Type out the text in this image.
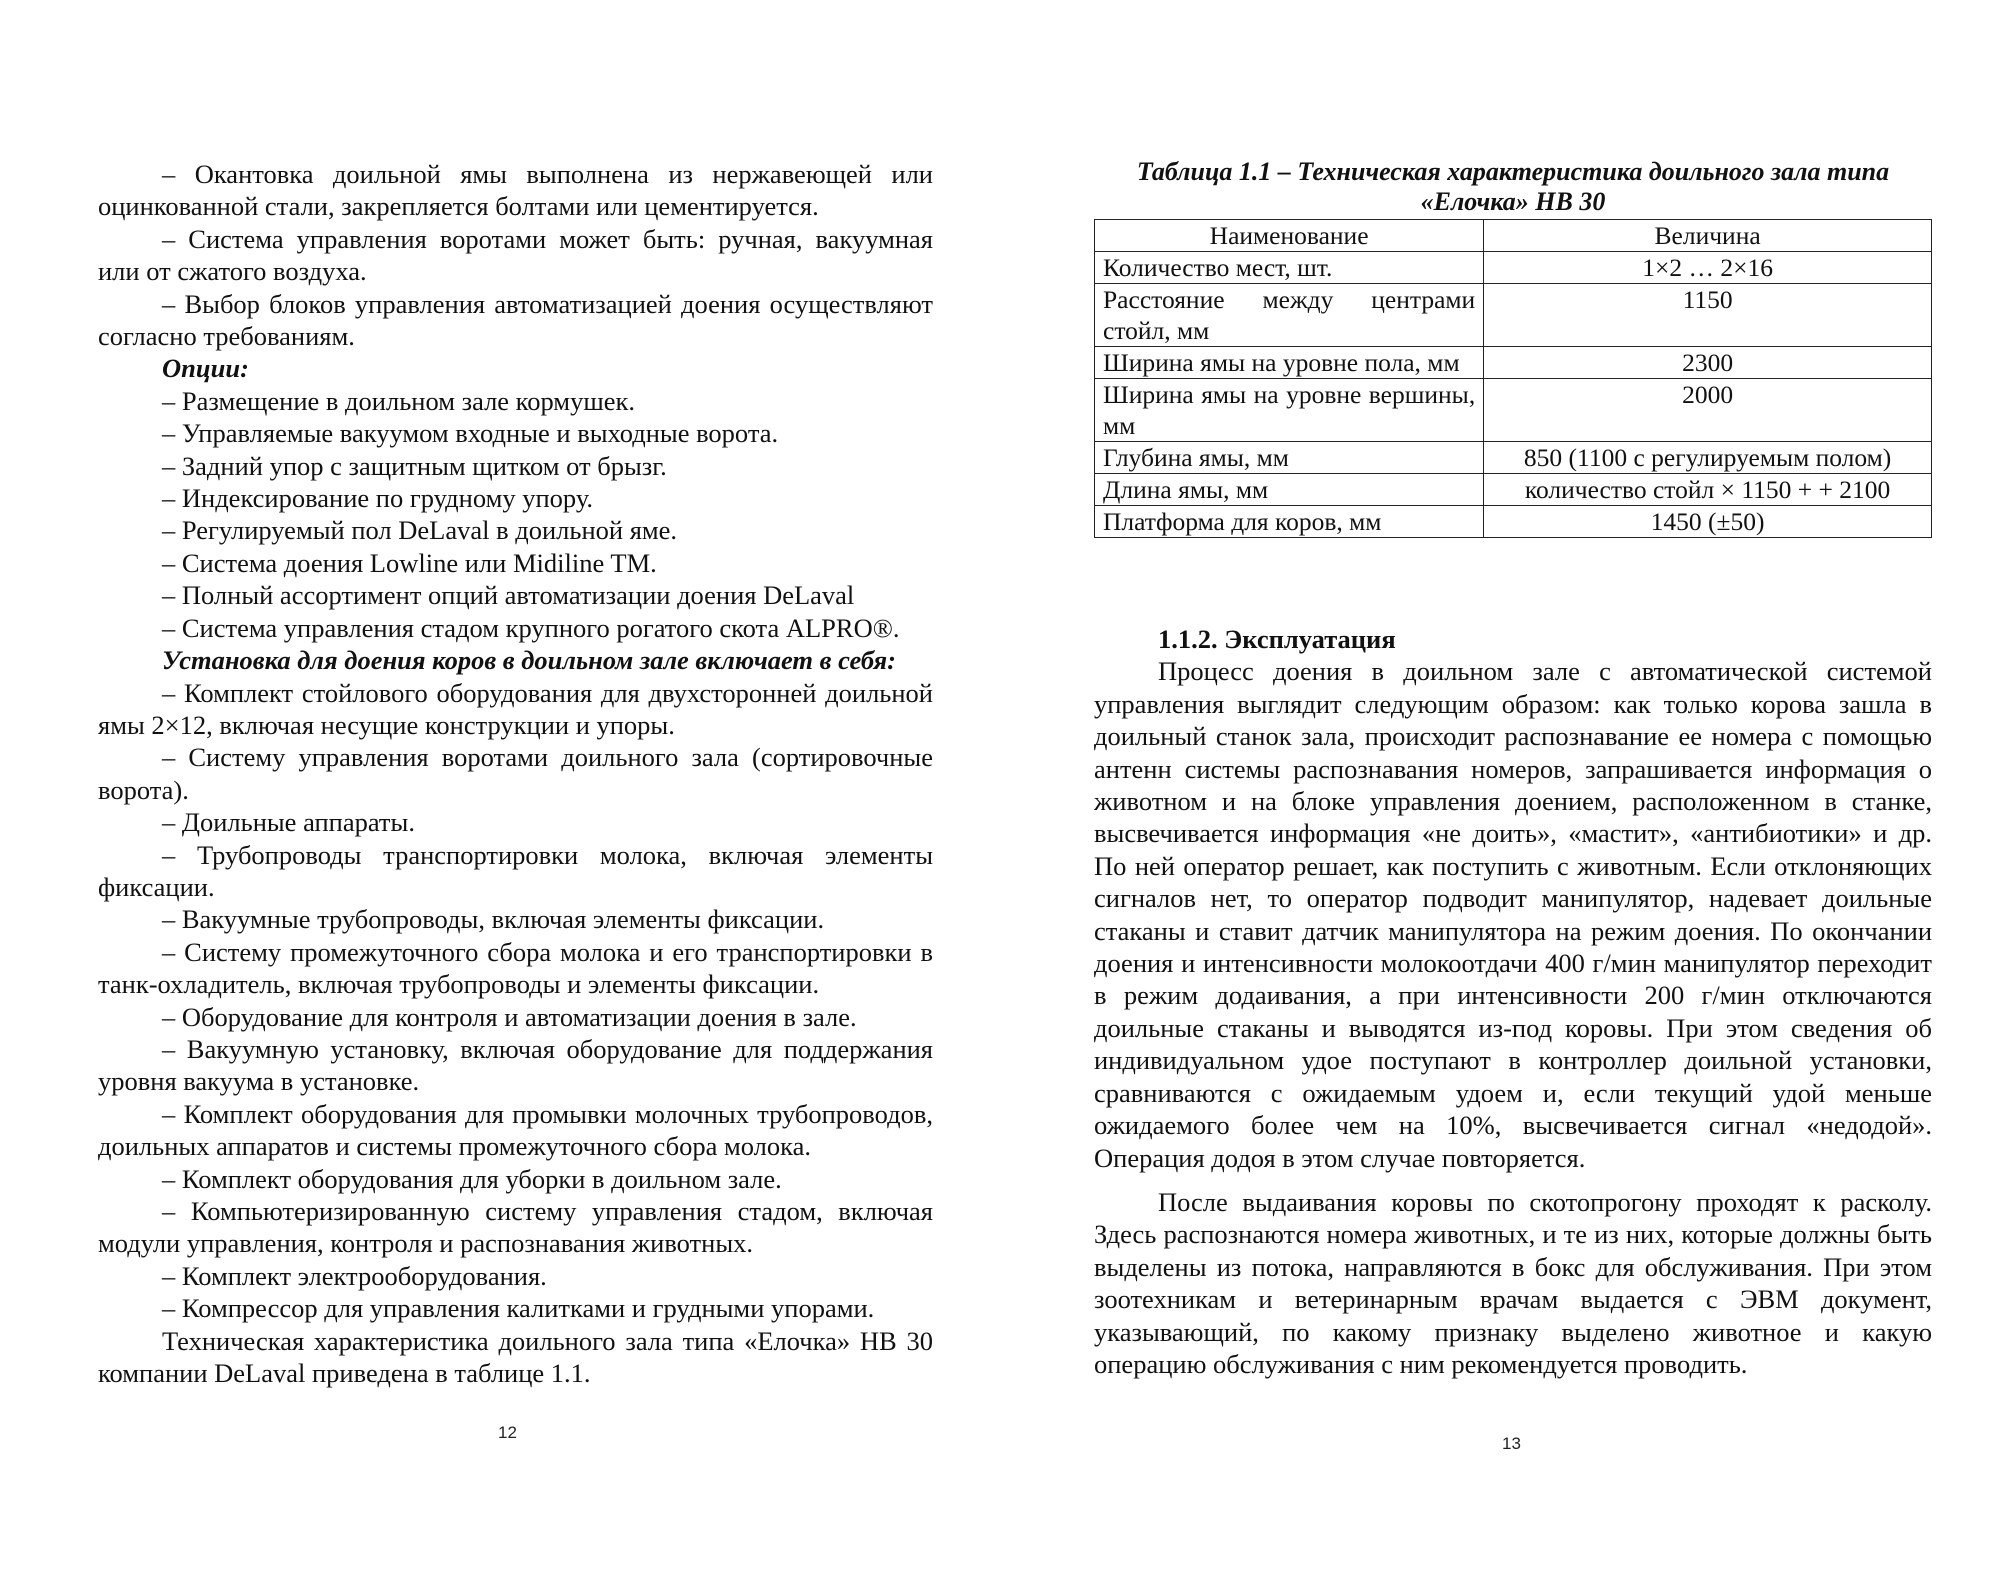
– Окантовка доильной ямы выполнена из нержавеющей или оцинкованной стали, закрепляется болтами или цементируется.

– Система управления воротами может быть: ручная, вакуумная или от сжатого воздуха.

– Выбор блоков управления автоматизацией доения осуществляют согласно требованиям.

Опции:

– Размещение в доильном зале кормушек.

– Управляемые вакуумом входные и выходные ворота.

– Задний упор с защитным щитком от брызг.

– Индексирование по грудному упору.

– Регулируемый пол DeLaval в доильной яме.

– Система доения Lowline или Midiline TM.

– Полный ассортимент опций автоматизации доения DeLaval

– Система управления стадом крупного рогатого скота ALPRO®.

Установка для доения коров в доильном зале включает в себя:

– Комплект стойлового оборудования для двухсторонней доильной ямы 2×12, включая несущие конструкции и упоры.

– Систему управления воротами доильного зала (сортировочные ворота).

– Доильные аппараты.

– Трубопроводы транспортировки молока, включая элементы фиксации.

– Вакуумные трубопроводы, включая элементы фиксации.

– Систему промежуточного сбора молока и его транспортировки в танк-охладитель, включая трубопроводы и элементы фиксации.

– Оборудование для контроля и автоматизации доения в зале.

– Вакуумную установку, включая оборудование для поддержания уровня вакуума в установке.

– Комплект оборудования для промывки молочных трубопроводов, доильных аппаратов и системы промежуточного сбора молока.

– Комплект оборудования для уборки в доильном зале.

– Компьютеризированную систему управления стадом, включая модули управления, контроля и распознавания животных.

– Комплект электрооборудования.

– Компрессор для управления калитками и грудными упорами.

Техническая характеристика доильного зала типа «Елочка» HB 30 компании DeLaval приведена в таблице 1.1.

12
Таблица 1.1 – Техническая характеристика доильного зала типа «Елочка» НВ 30
Наименование	Величина
Количество мест, шт.	1×2 … 2×16
Расстояние между центрами стойл, мм	1150
Ширина ямы на уровне пола, мм	2300
Ширина ямы на уровне вершины, мм	2000
Глубина ямы, мм	850 (1100 с регулируемым полом)
Длина ямы, мм	количество стойл × 1150 + + 2100
Платформа для коров, мм	1450 (±50)

1.1.2. Эксплуатация

Процесс доения в доильном зале с автоматической системой управления выглядит следующим образом: как только корова зашла в доильный станок зала, происходит распознавание ее номера с помощью антенн системы распознавания номеров, запрашивается информация о животном и на блоке управления доением, расположенном в станке, высвечивается информация «не доить», «мастит», «антибиотики» и др. По ней оператор решает, как поступить с животным. Если отклоняющих сигналов нет, то оператор подводит манипулятор, надевает доильные стаканы и ставит датчик манипулятора на режим доения. По окончании доения и интенсивности молокоотдачи 400 г/мин манипулятор переходит в режим додаивания, а при интенсивности 200 г/мин отключаются доильные стаканы и выводятся из-под коровы. При этом сведения об индивидуальном удое поступают в контроллер доильной установки, сравниваются с ожидаемым удоем и, если текущий удой меньше ожидаемого более чем на 10%, высвечивается сигнал «недодой». Операция додоя в этом случае повторяется.

После выдаивания коровы по скотопрогону проходят к расколу. Здесь распознаются номера животных, и те из них, которые должны быть выделены из потока, направляются в бокс для обслуживания. При этом зоотехникам и ветеринарным врачам выдается с ЭВМ документ, указывающий, по какому признаку выделено животное и какую операцию обслуживания с ним рекомендуется проводить.

13
